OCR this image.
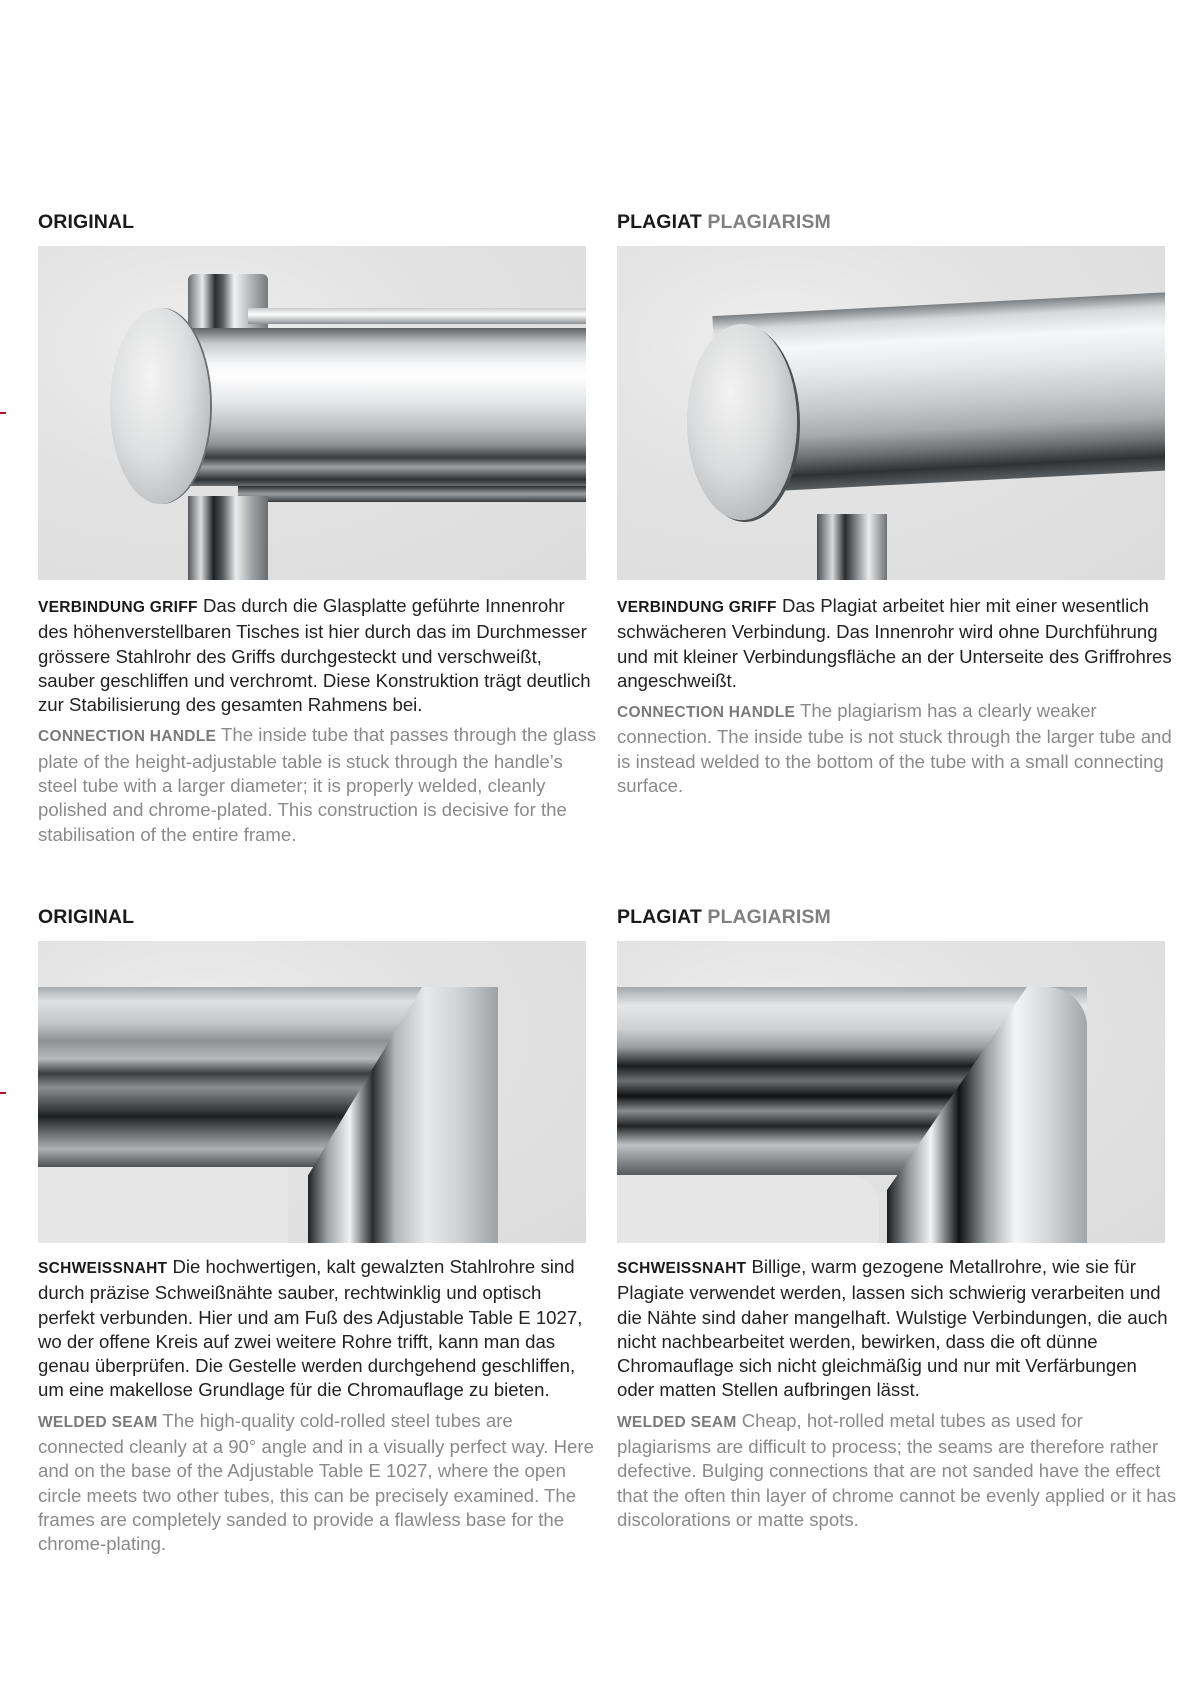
ORIGINAL

VERBINDUNG GRIFF Das durch die Glasplatte geführte Innenrohr des höhenverstellbaren Tisches ist hier durch das im Durchmesser grössere Stahlrohr des Griffs durchgesteckt und verschweißt, sauber geschliffen und verchromt. Diese Konstruktion trägt deutlich zur Stabilisierung des gesamten Rahmens bei.

CONNECTION HANDLE The inside tube that passes through the glass plate of the height-adjustable table is stuck through the handle’s steel tube with a larger diameter; it is properly welded, cleanly polished and chrome-plated. This construction is decisive for the stabilisation of the entire frame.

PLAGIAT PLAGIARISM

VERBINDUNG GRIFF Das Plagiat arbeitet hier mit einer wesentlich schwächeren Verbindung. Das Innenrohr wird ohne Durchführung und mit kleiner Verbindungsfläche an der Unterseite des Griffrohres angeschweißt.

CONNECTION HANDLE The plagiarism has a clearly weaker connection. The inside tube is not stuck through the larger tube and is instead welded to the bottom of the tube with a small connecting surface.

ORIGINAL

SCHWEISSNAHT Die hochwertigen, kalt gewalzten Stahlrohre sind durch präzise Schweißnähte sauber, rechtwinklig und optisch perfekt verbunden. Hier und am Fuß des Adjustable Table E 1027, wo der offene Kreis auf zwei weitere Rohre trifft, kann man das genau überprüfen. Die Gestelle werden durchgehend geschliffen, um eine makellose Grundlage für die Chromauflage zu bieten.

WELDED SEAM The high-quality cold-rolled steel tubes are connected cleanly at a 90° angle and in a visually perfect way. Here and on the base of the Adjustable Table E 1027, where the open circle meets two other tubes, this can be precisely examined. The frames are completely sanded to provide a flawless base for the chrome-plating.

PLAGIAT PLAGIARISM

SCHWEISSNAHT Billige, warm gezogene Metallrohre, wie sie für Plagiate verwendet werden, lassen sich schwierig verarbeiten und die Nähte sind daher mangelhaft. Wulstige Verbindungen, die auch nicht nachbearbeitet werden, bewirken, dass die oft dünne Chromauflage sich nicht gleichmäßig und nur mit Verfärbungen oder matten Stellen aufbringen lässt.

WELDED SEAM Cheap, hot-rolled metal tubes as used for plagiarisms are difficult to process; the seams are therefore rather defective. Bulging connections that are not sanded have the effect that the often thin layer of chrome cannot be evenly applied or it has discolorations or matte spots.
